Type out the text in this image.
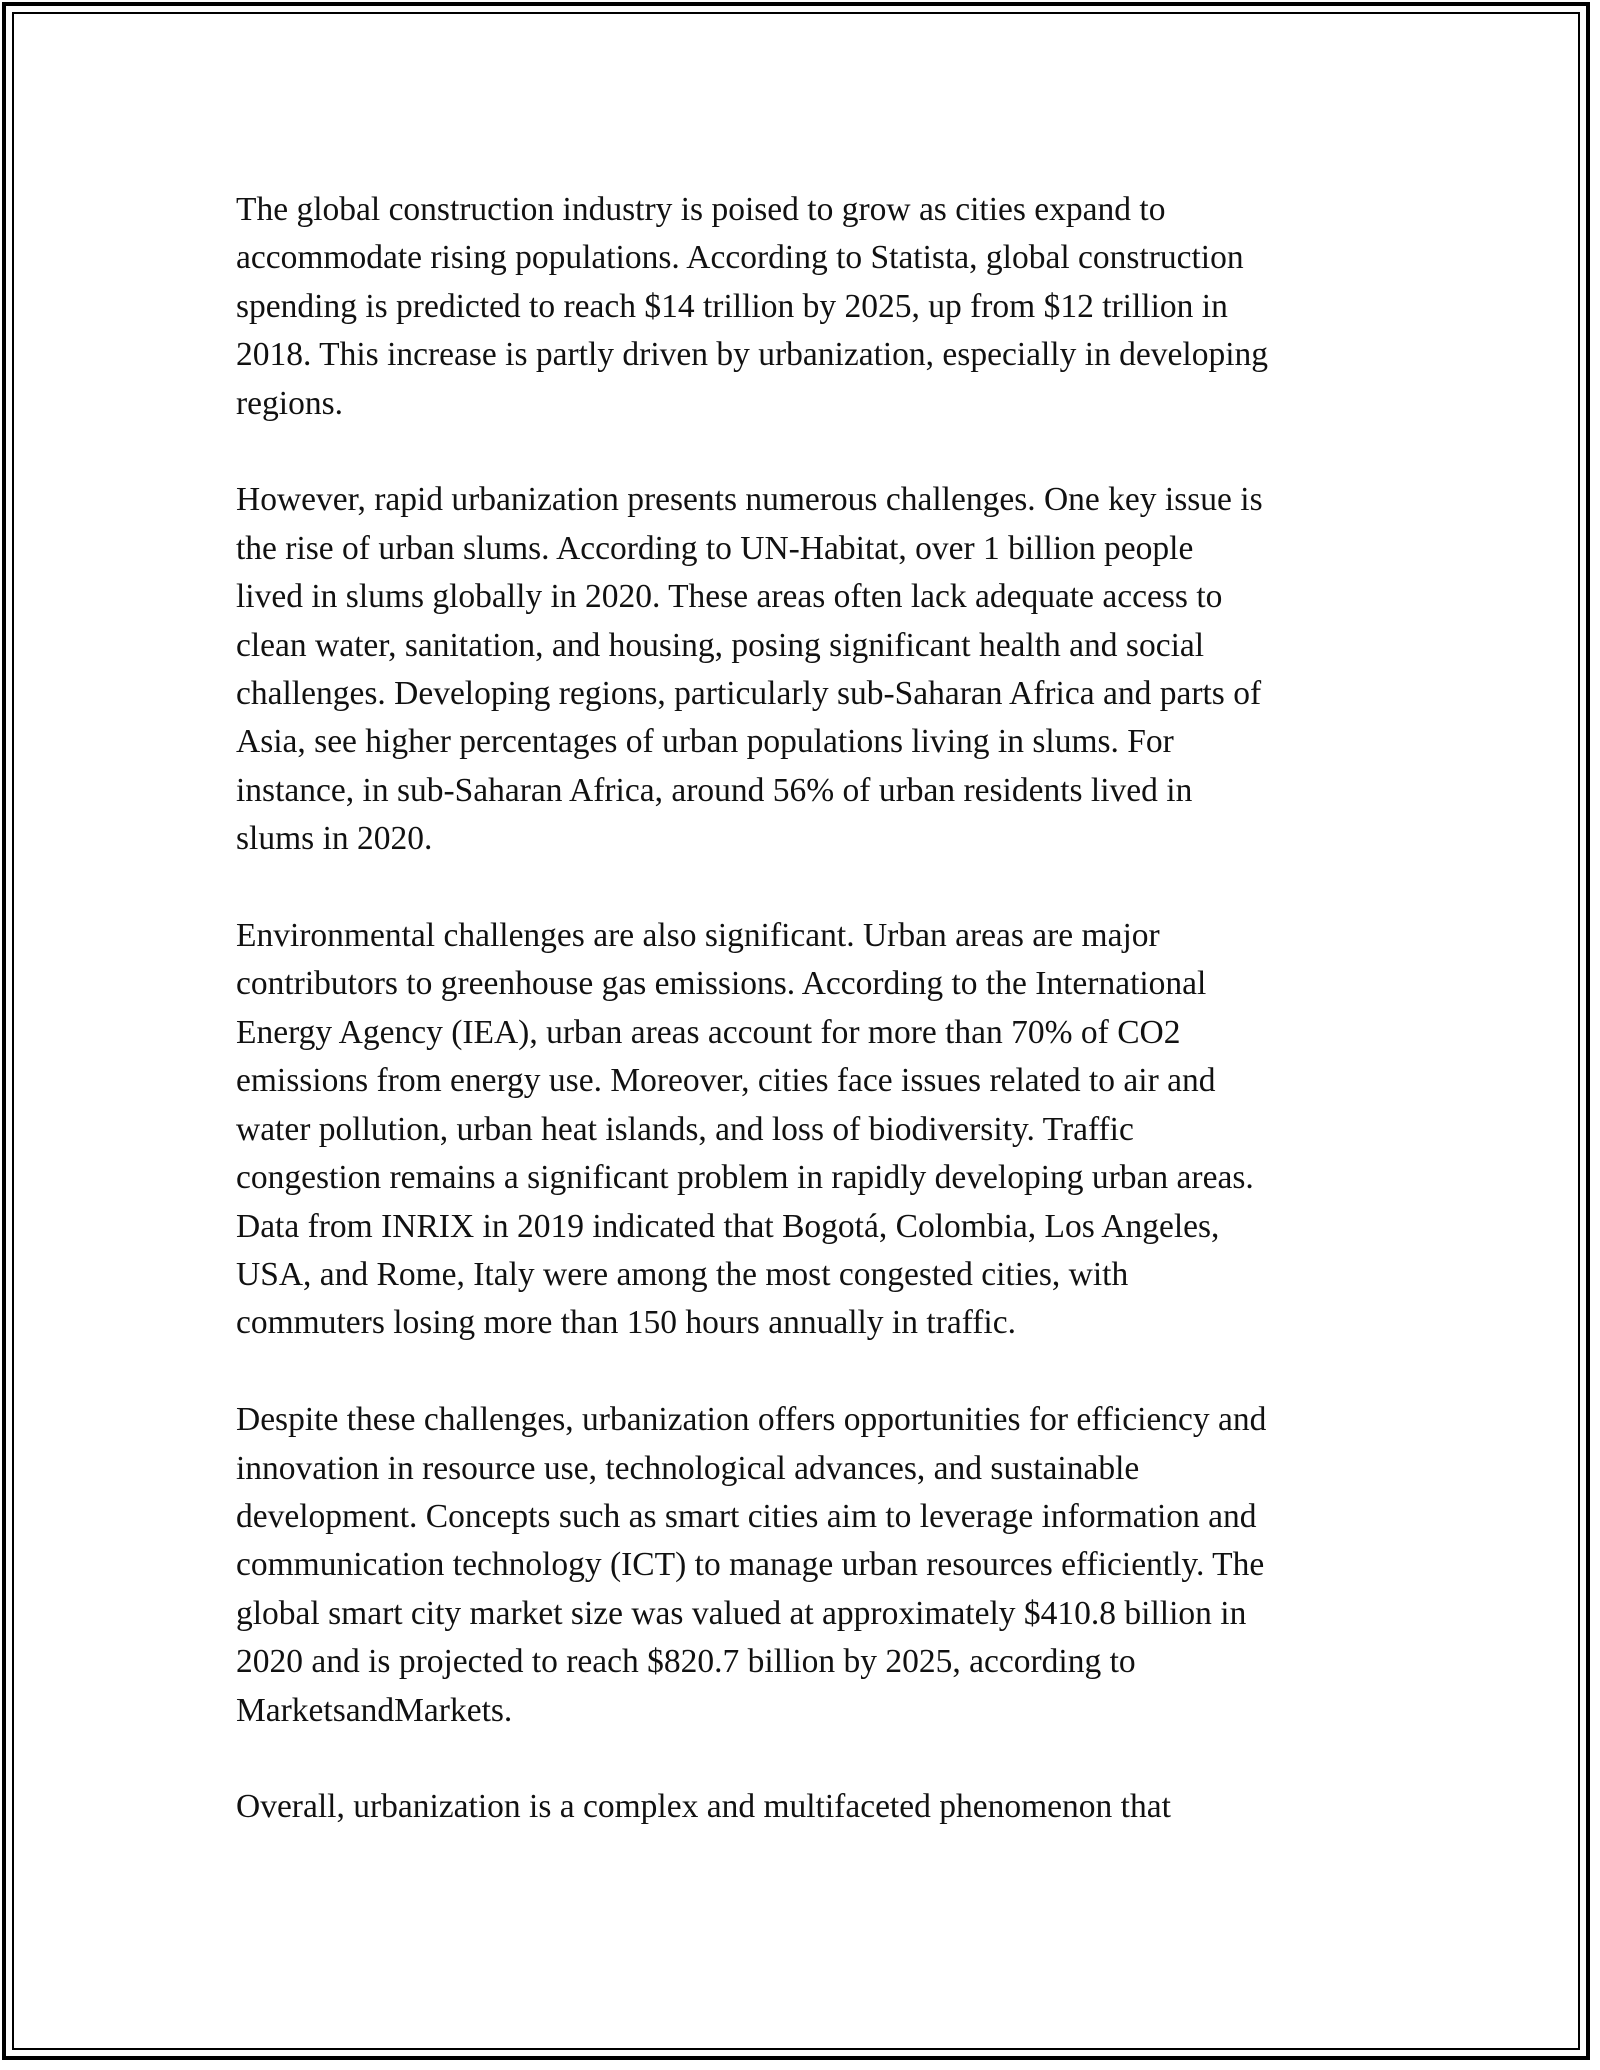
The global construction industry is poised to grow as cities expand to
accommodate rising populations. According to Statista, global construction
spending is predicted to reach $14 trillion by 2025, up from $12 trillion in
2018. This increase is partly driven by urbanization, especially in developing
regions.

However, rapid urbanization presents numerous challenges. One key issue is
the rise of urban slums. According to UN-Habitat, over 1 billion people
lived in slums globally in 2020. These areas often lack adequate access to
clean water, sanitation, and housing, posing significant health and social
challenges. Developing regions, particularly sub-Saharan Africa and parts of
Asia, see higher percentages of urban populations living in slums. For
instance, in sub-Saharan Africa, around 56% of urban residents lived in
slums in 2020.

Environmental challenges are also significant. Urban areas are major
contributors to greenhouse gas emissions. According to the International
Energy Agency (IEA), urban areas account for more than 70% of CO2
emissions from energy use. Moreover, cities face issues related to air and
water pollution, urban heat islands, and loss of biodiversity. Traffic
congestion remains a significant problem in rapidly developing urban areas.
Data from INRIX in 2019 indicated that Bogotá, Colombia, Los Angeles,
USA, and Rome, Italy were among the most congested cities, with
commuters losing more than 150 hours annually in traffic.

Despite these challenges, urbanization offers opportunities for efficiency and
innovation in resource use, technological advances, and sustainable
development. Concepts such as smart cities aim to leverage information and
communication technology (ICT) to manage urban resources efficiently. The
global smart city market size was valued at approximately $410.8 billion in
2020 and is projected to reach $820.7 billion by 2025, according to
MarketsandMarkets.

Overall, urbanization is a complex and multifaceted phenomenon that
